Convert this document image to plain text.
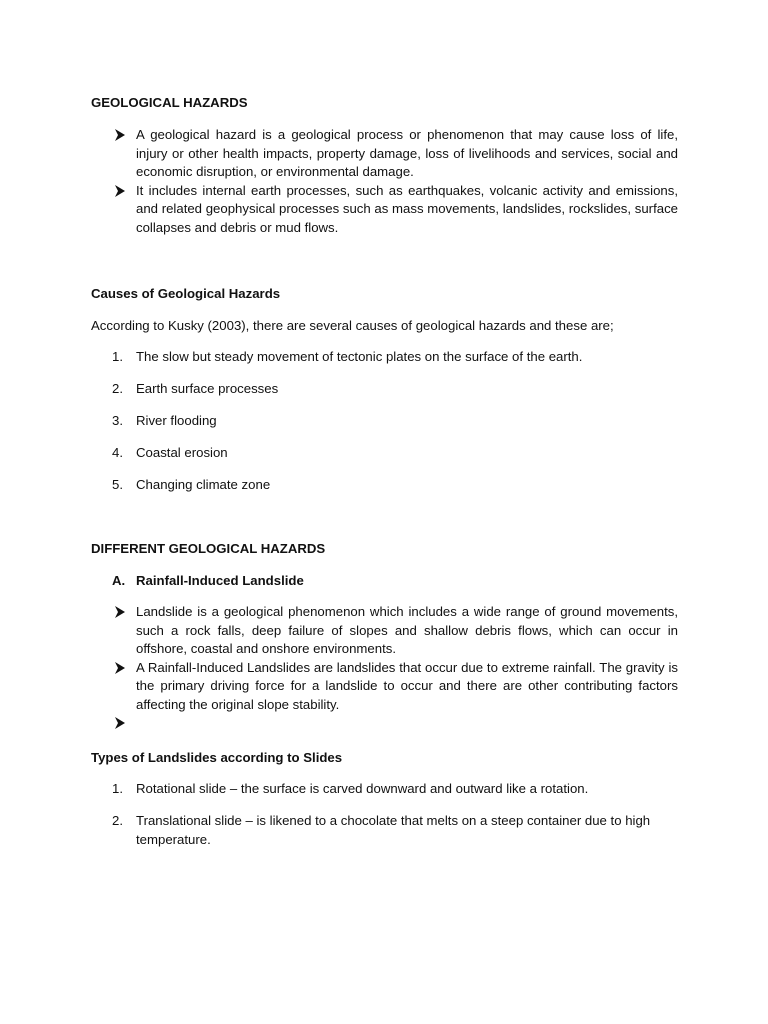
GEOLOGICAL HAZARDS
A geological hazard is a geological process or phenomenon that may cause loss of life, injury or other health impacts, property damage, loss of livelihoods and services, social and economic disruption, or environmental damage.
It includes internal earth processes, such as earthquakes, volcanic activity and emissions, and related geophysical processes such as mass movements, landslides, rockslides, surface collapses and debris or mud flows.
Causes of Geological Hazards
According to Kusky (2003), there are several causes of geological hazards and these are;
1. The slow but steady movement of tectonic plates on the surface of the earth.
2. Earth surface processes
3. River flooding
4. Coastal erosion
5. Changing climate zone
DIFFERENT GEOLOGICAL HAZARDS
A. Rainfall-Induced Landslide
Landslide is a geological phenomenon which includes a wide range of ground movements, such a rock falls, deep failure of slopes and shallow debris flows, which can occur in offshore, coastal and onshore environments.
A Rainfall-Induced Landslides are landslides that occur due to extreme rainfall. The gravity is the primary driving force for a landslide to occur and there are other contributing factors affecting the original slope stability.
Types of Landslides according to Slides
1. Rotational slide – the surface is carved downward and outward like a rotation.
2. Translational slide – is likened to a chocolate that melts on a steep container due to high temperature.
